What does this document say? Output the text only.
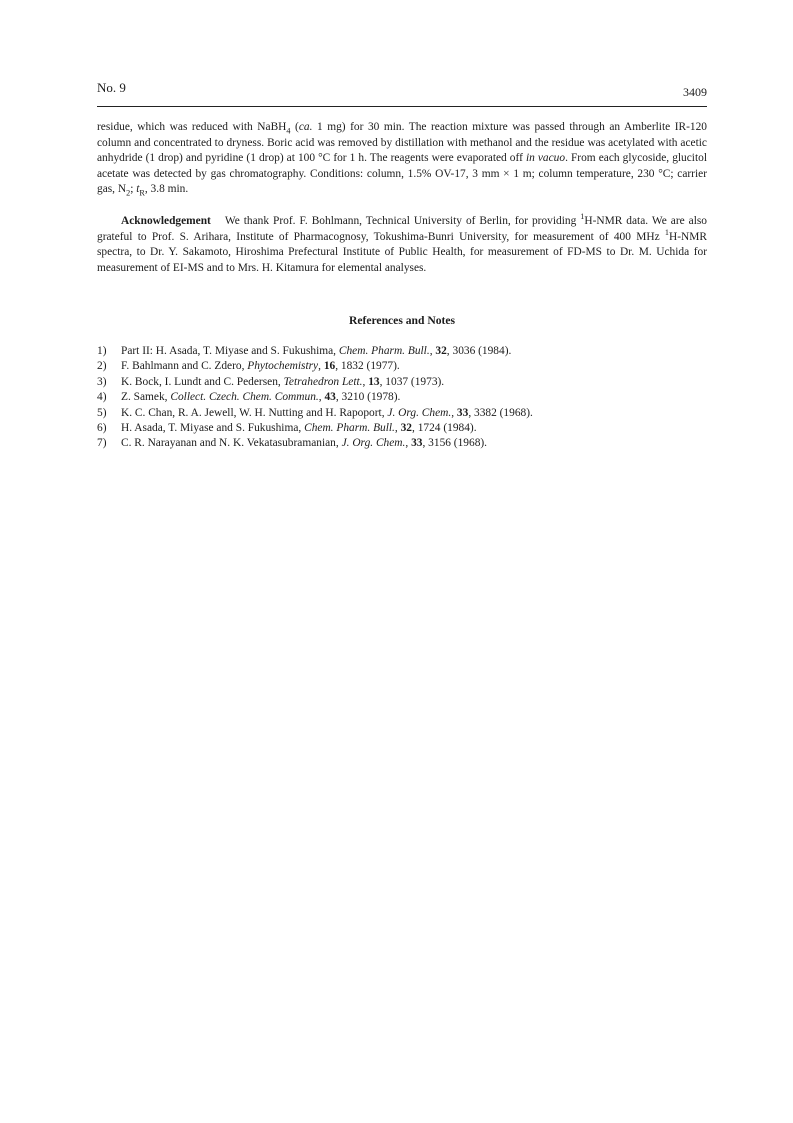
No. 9	3409

residue, which was reduced with NaBH$_4$ (ca. 1 mg) for 30 min. The reaction mixture was passed through an Amberlite IR-120 column and concentrated to dryness. Boric acid was removed by distillation with methanol and the residue was acetylated with acetic anhydride (1 drop) and pyridine (1 drop) at 100 °C for 1 h. The reagents were evaporated off in vacuo. From each glycoside, glucitol acetate was detected by gas chromatography. Conditions: column, 1.5% OV-17, 3 mm × 1 m; column temperature, 230 °C; carrier gas, $N_2$; $t_R$, 3.8 min.

Acknowledgement We thank Prof. F. Bohlmann, Technical University of Berlin, for providing $^1$H-NMR data. We are also grateful to Prof. S. Arihara, Institute of Pharmacognosy, Tokushima-Bunri University, for measurement of 400 MHz $^1$H-NMR spectra, to Dr. Y. Sakamoto, Hiroshima Prefectural Institute of Public Health, for measurement of FD-MS to Dr. M. Uchida for measurement of EI-MS and to Mrs. H. Kitamura for elemental analyses.

References and Notes
1) Part II: H. Asada, T. Miyase and S. Fukushima, Chem. Pharm. Bull., 32, 3036 (1984).
2) F. Bahlmann and C. Zdero, Phytochemistry, 16, 1832 (1977).
3) K. Bock, I. Lundt and C. Pedersen, Tetrahedron Lett., 13, 1037 (1973).
4) Z. Samek, Collect. Czech. Chem. Commun., 43, 3210 (1978).
5) K. C. Chan, R. A. Jewell, W. H. Nutting and H. Rapoport, J. Org. Chem., 33, 3382 (1968).
6) H. Asada, T. Miyase and S. Fukushima, Chem. Pharm. Bull., 32, 1724 (1984).
7) C. R. Narayanan and N. K. Vekatasubramanian, J. Org. Chem., 33, 3156 (1968).
